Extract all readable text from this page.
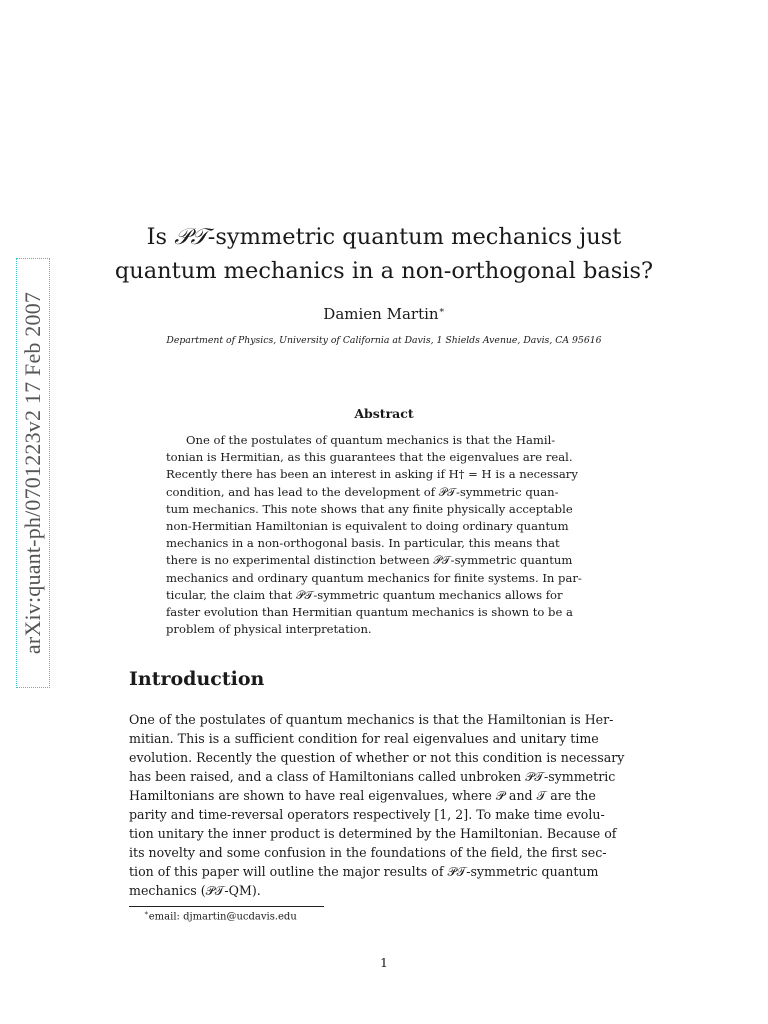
arXiv:quant-ph/0701223v2 17 Feb 2007
Is 𝒫𝒯-symmetric quantum mechanics just
quantum mechanics in a non-orthogonal basis?
Damien Martin∗
Department of Physics, University of California at Davis, 1 Shields Avenue, Davis, CA 95616
Abstract
One of the postulates of quantum mechanics is that the Hamil-
tonian is Hermitian, as this guarantees that the eigenvalues are real.
Recently there has been an interest in asking if H† = H is a necessary
condition, and has lead to the development of 𝒫𝒯-symmetric quan-
tum mechanics. This note shows that any finite physically acceptable
non-Hermitian Hamiltonian is equivalent to doing ordinary quantum
mechanics in a non-orthogonal basis. In particular, this means that
there is no experimental distinction between 𝒫𝒯-symmetric quantum
mechanics and ordinary quantum mechanics for finite systems. In par-
ticular, the claim that 𝒫𝒯-symmetric quantum mechanics allows for
faster evolution than Hermitian quantum mechanics is shown to be a
problem of physical interpretation.
Introduction
One of the postulates of quantum mechanics is that the Hamiltonian is Her-
mitian. This is a sufficient condition for real eigenvalues and unitary time
evolution. Recently the question of whether or not this condition is necessary
has been raised, and a class of Hamiltonians called unbroken 𝒫𝒯-symmetric
Hamiltonians are shown to have real eigenvalues, where 𝒫 and 𝒯 are the
parity and time-reversal operators respectively [1, 2]. To make time evolu-
tion unitary the inner product is determined by the Hamiltonian. Because of
its novelty and some confusion in the foundations of the field, the first sec-
tion of this paper will outline the major results of 𝒫𝒯-symmetric quantum
mechanics (𝒫𝒯-QM).
∗email: djmartin@ucdavis.edu
1
